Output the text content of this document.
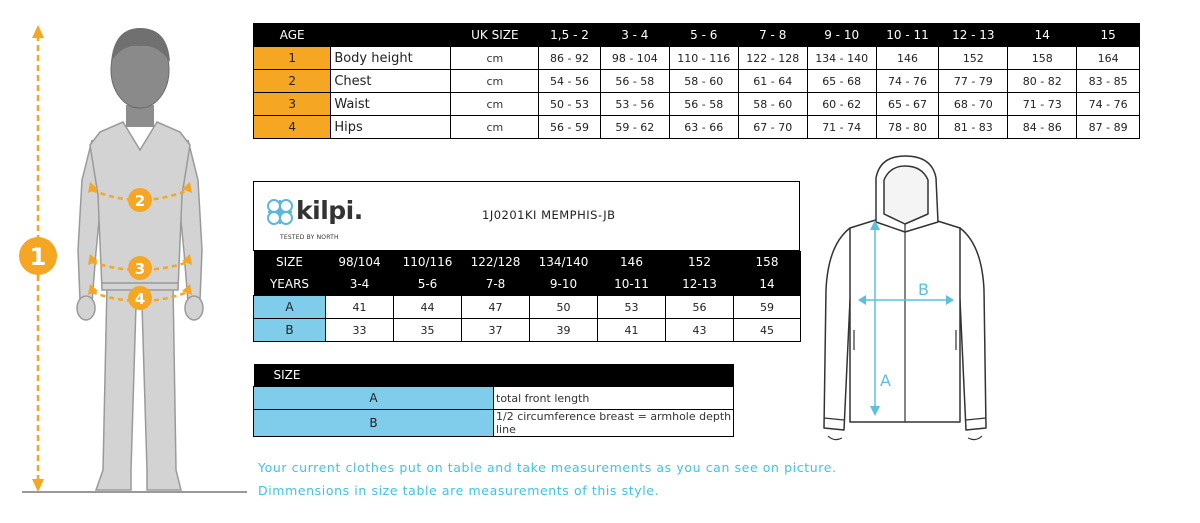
1
2
3
4
AGE		UK SIZE	1,5 - 2	3 - 4	5 - 6	7 - 8	9 - 10	10 - 11	12 - 13	14	15
1	Body height	cm	86 - 92	98 - 104	110 - 116	122 - 128	134 - 140	146	152	158	164
2	Chest	cm	54 - 56	56 - 58	58 - 60	61 - 64	65 - 68	74 - 76	77 - 79	80 - 82	83 - 85
3	Waist	cm	50 - 53	53 - 56	56 - 58	58 - 60	60 - 62	65 - 67	68 - 70	71 - 73	74 - 76
4	Hips	cm	56 - 59	59 - 62	63 - 66	67 - 70	71 - 74	78 - 80	81 - 83	84 - 86	87 - 89
kilpi.
TESTED BY NORTH
1J0201KI MEMPHIS-JB
SIZE	98/104	110/116	122/128	134/140	146	152	158
YEARS	3-4	5-6	7-8	9-10	10-11	12-13	14
A	41	44	47	50	53	56	59
B	33	35	37	39	41	43	45
SIZE	
A	total front length
B	1/2 circumference breast = armhole depth line
Your current clothes put on table and take measurements as you can see on picture.
Dimmensions in size table are measurements of this style.
A
B
